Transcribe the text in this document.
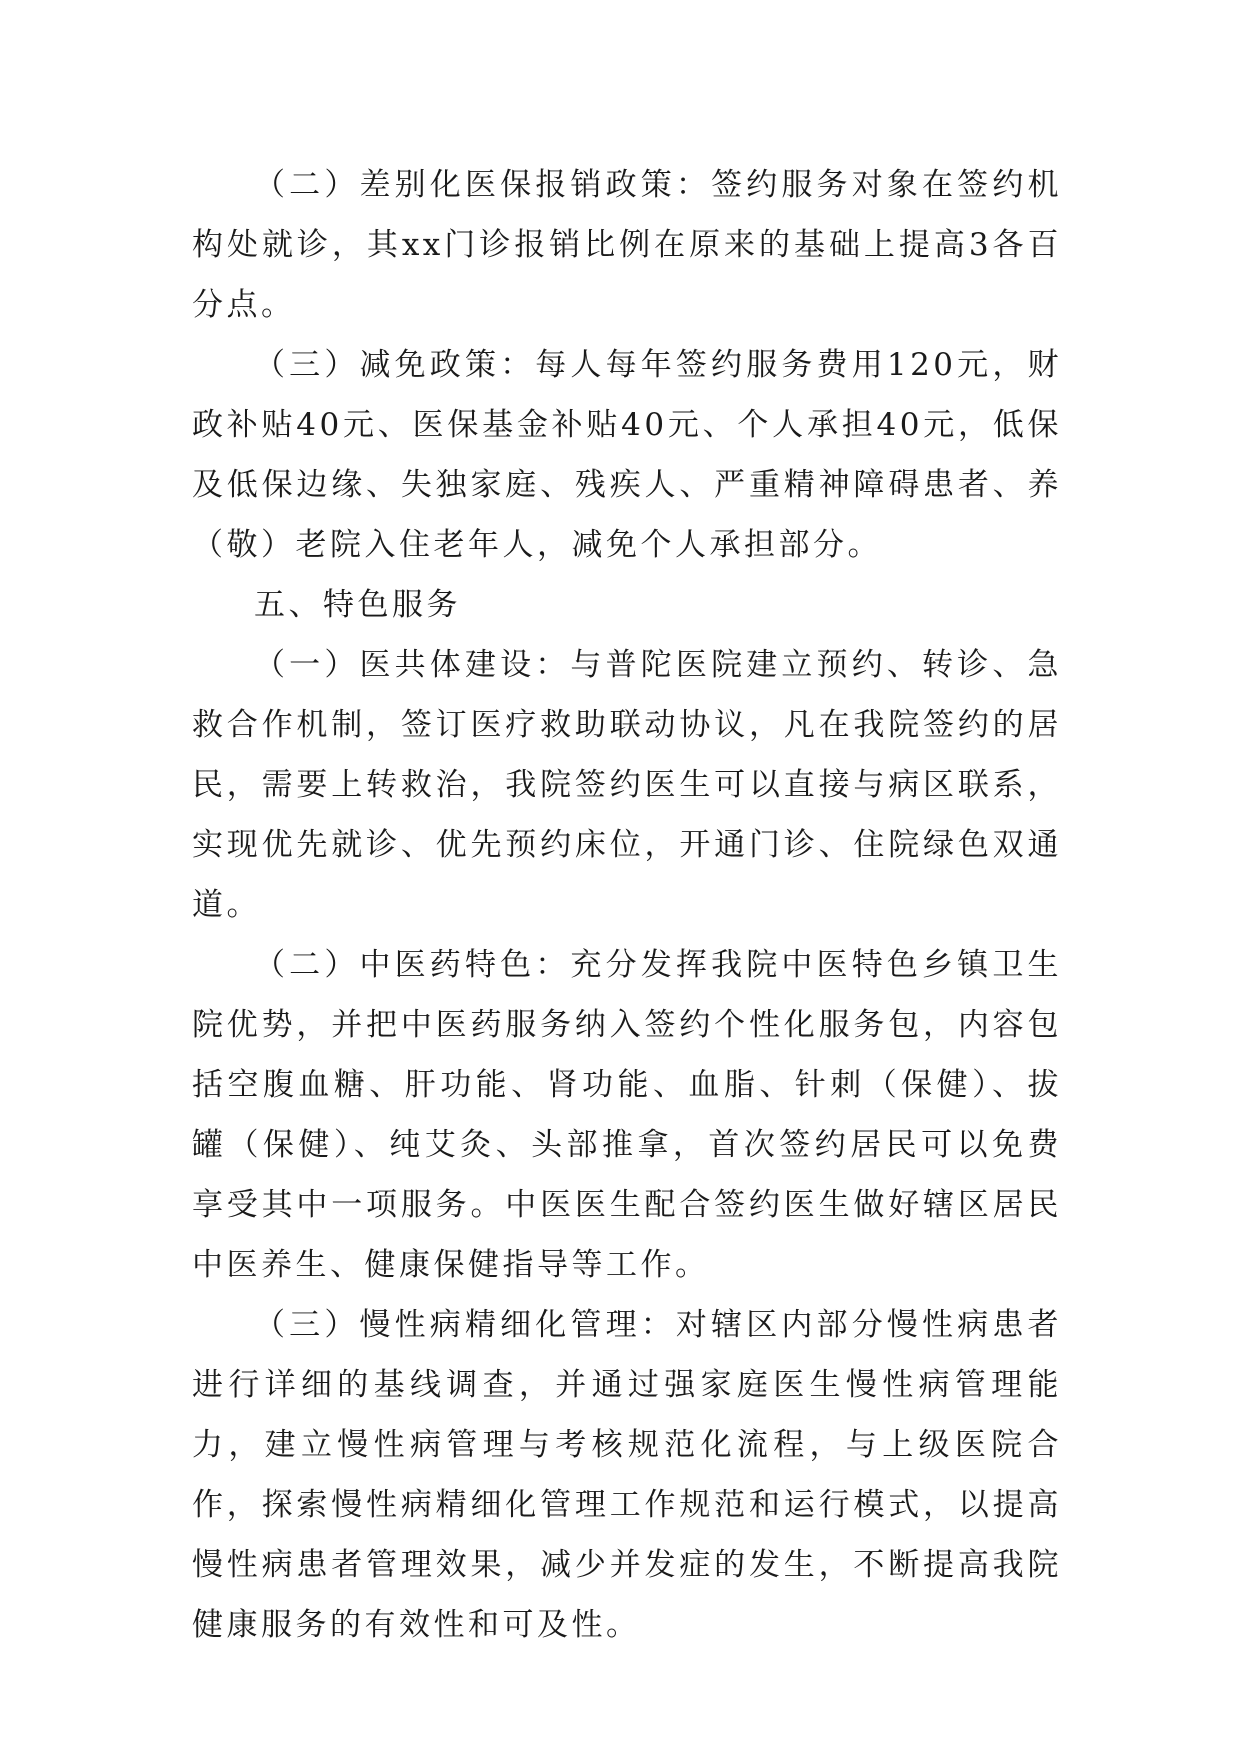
（二）差别化医保报销政策：签约服务对象在签约机构处就诊，其xx门诊报销比例在原来的基础上提高3各百分点。

（三）减免政策：每人每年签约服务费用120元，财政补贴40元、医保基金补贴40元、个人承担40元，低保及低保边缘、失独家庭、残疾人、严重精神障碍患者、养（敬）老院入住老年人，减免个人承担部分。

五、特色服务

（一）医共体建设：与普陀医院建立预约、转诊、急救合作机制，签订医疗救助联动协议，凡在我院签约的居民，需要上转救治，我院签约医生可以直接与病区联系，实现优先就诊、优先预约床位，开通门诊、住院绿色双通道。

（二）中医药特色：充分发挥我院中医特色乡镇卫生院优势，并把中医药服务纳入签约个性化服务包，内容包括空腹血糖、肝功能、肾功能、血脂、针刺（保健）、拔罐（保健）、纯艾灸、头部推拿，首次签约居民可以免费享受其中一项服务。中医医生配合签约医生做好辖区居民中医养生、健康保健指导等工作。

（三）慢性病精细化管理：对辖区内部分慢性病患者进行详细的基线调查，并通过强家庭医生慢性病管理能力，建立慢性病管理与考核规范化流程，与上级医院合作，探索慢性病精细化管理工作规范和运行模式，以提高慢性病患者管理效果，减少并发症的发生，不断提高我院健康服务的有效性和可及性。
